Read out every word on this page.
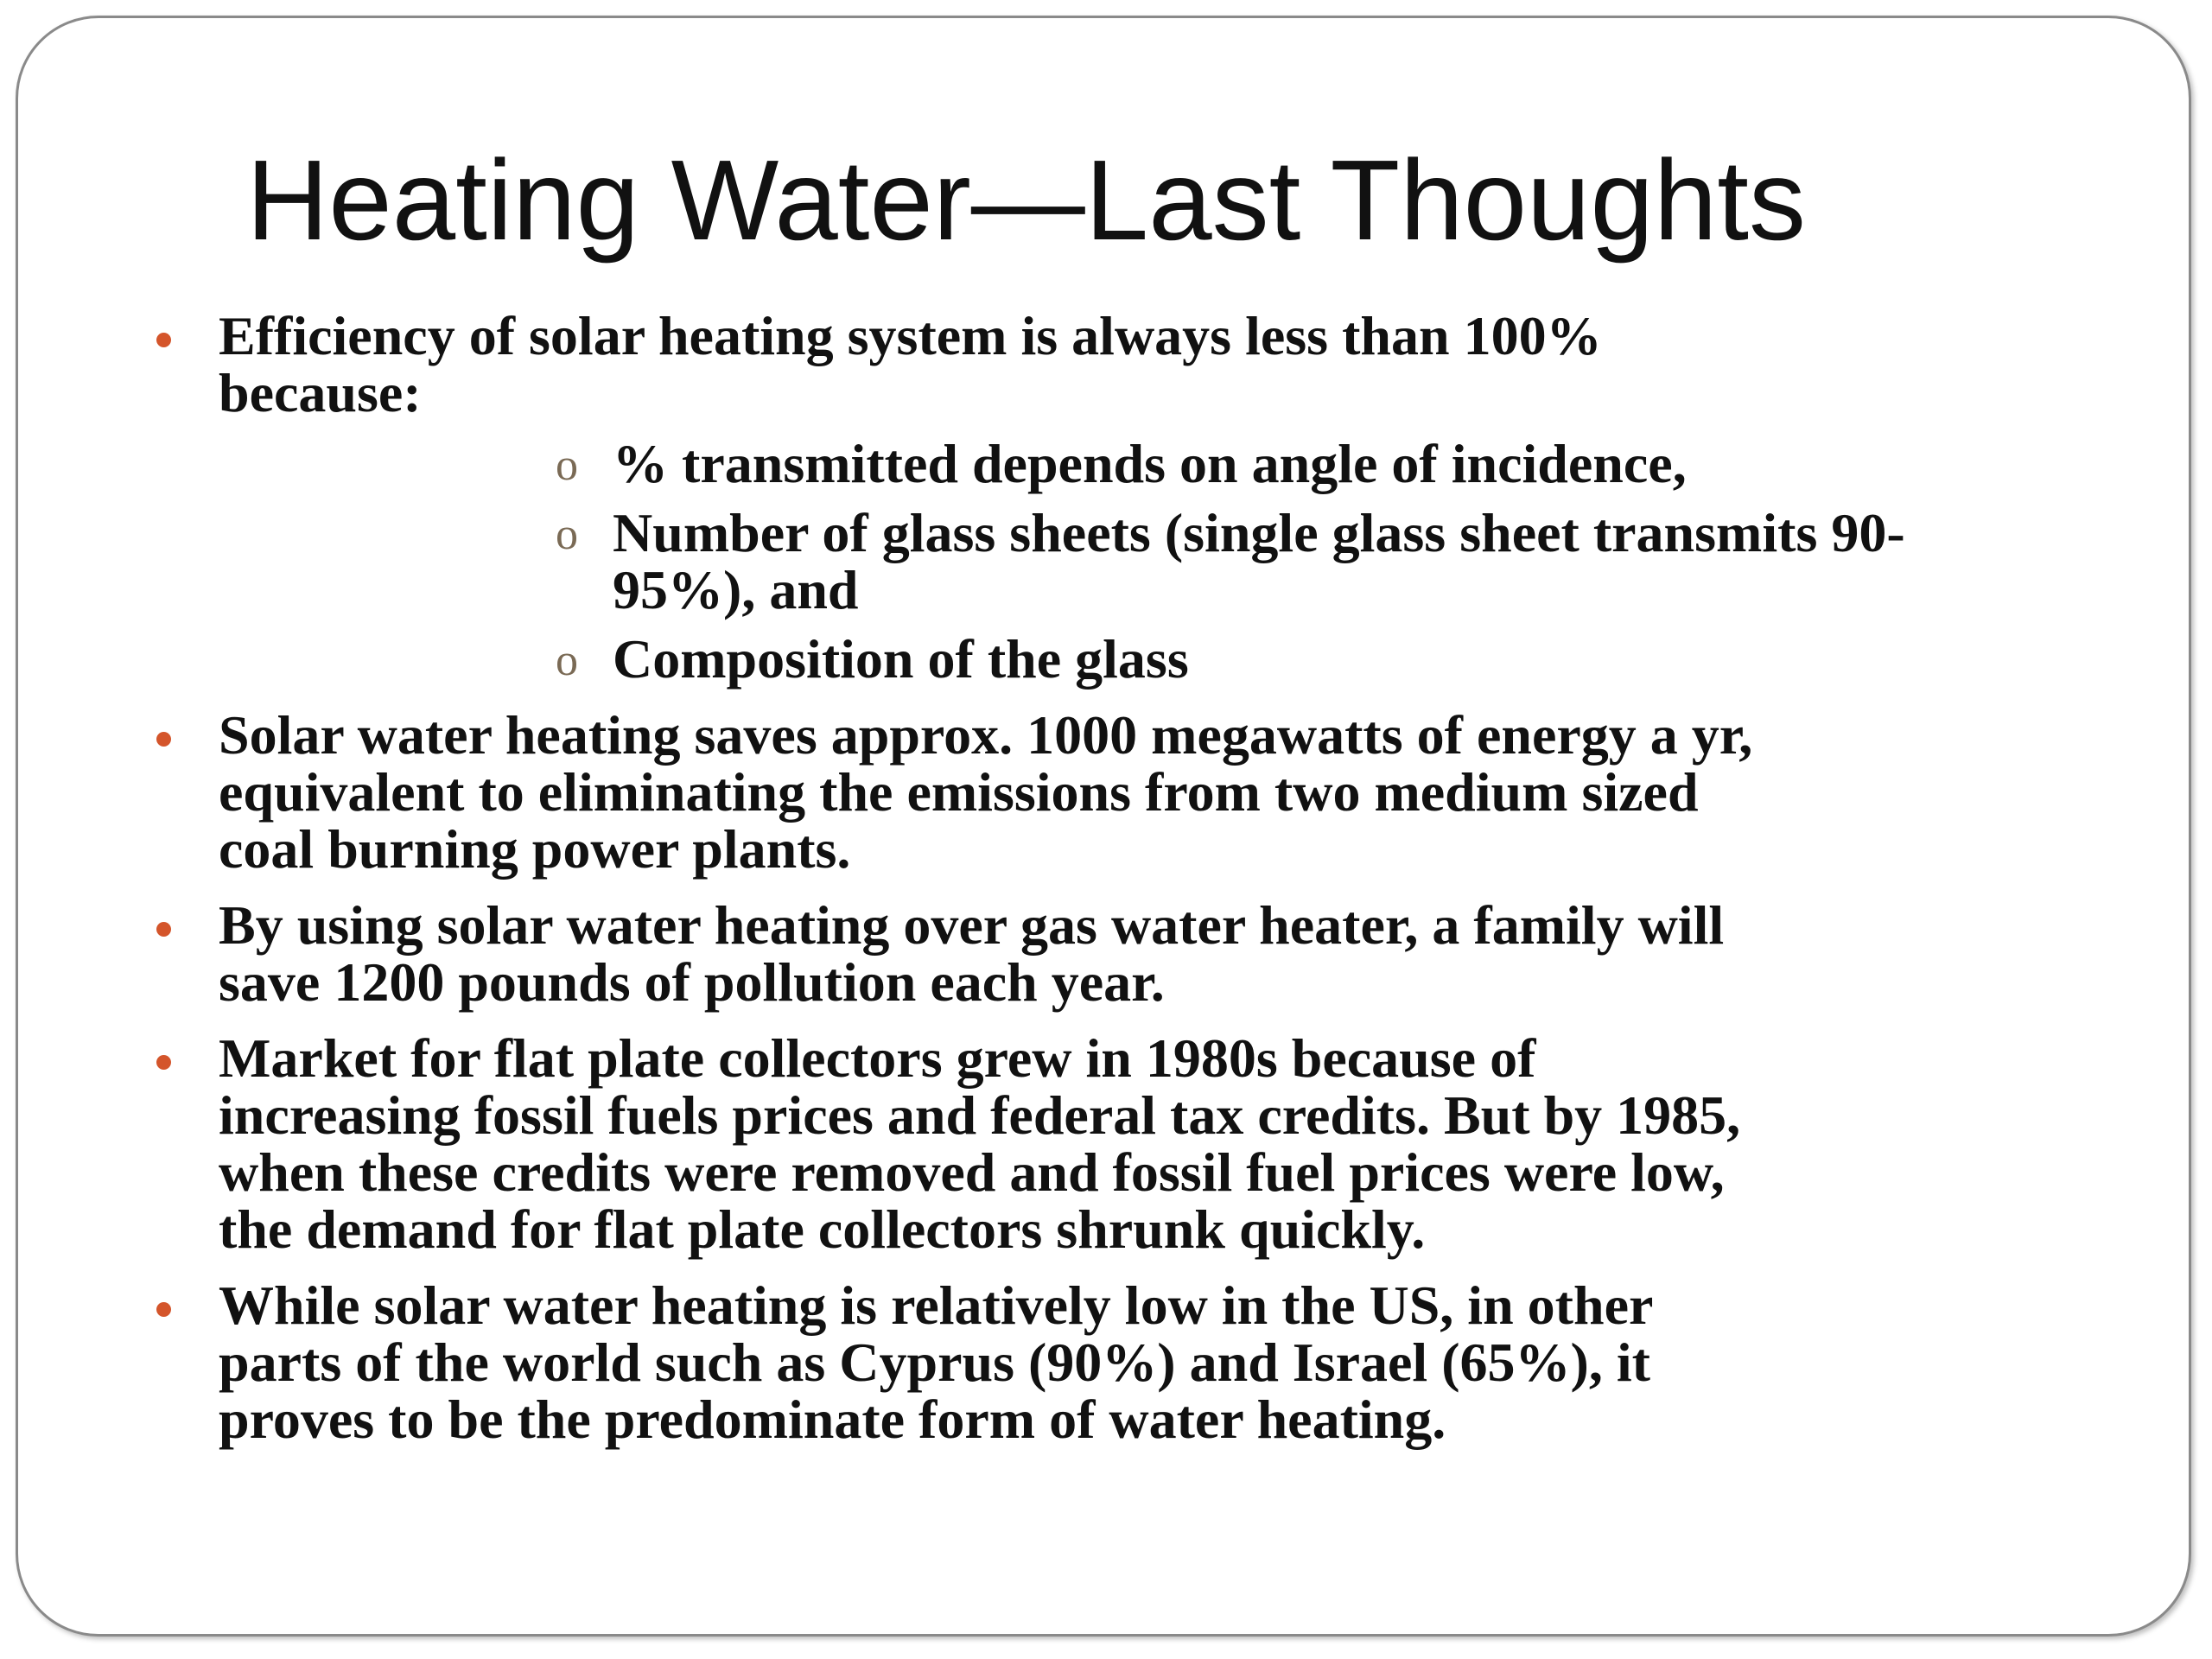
Heating Water—Last Thoughts
Efficiency of solar heating system is always less than 100%
because:
o % transmitted depends on angle of incidence,
o Number of glass sheets (single glass sheet transmits 90-
95%), and
o Composition of the glass
Solar water heating saves approx. 1000 megawatts of energy a yr,
equivalent to eliminating the emissions from two medium sized
coal burning power plants.
By using solar water heating over gas water heater, a family will
save 1200 pounds of pollution each year.
Market for flat plate collectors grew in 1980s because of
increasing fossil fuels prices and federal tax credits. But by 1985,
when these credits were removed and fossil fuel prices were low,
the demand for flat plate collectors shrunk quickly.
While solar water heating is relatively low in the US, in other
parts of the world such as Cyprus (90%) and Israel (65%), it
proves to be the predominate form of water heating.
